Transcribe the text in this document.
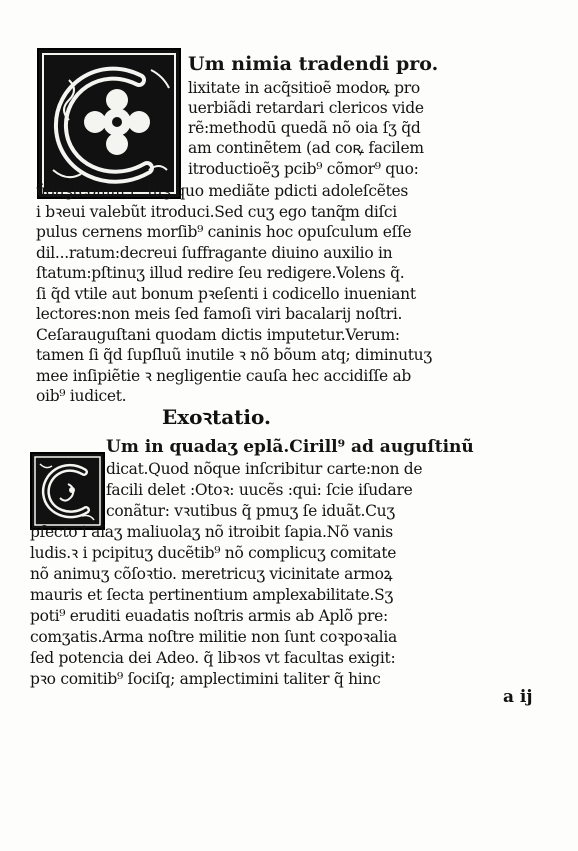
Um nimia tradendi pro.
lixitate in acq̃sitioẽ modoꝶ pro
uerbiãdi retardari clericos vide
rẽ:methodū quedã nõ oia ſʒ q̃d
am continẽtem (ad coꝶ facilem
itroductioẽʒ pcib⁹ cõmor⁹ quo:
ũdaʒ(comm:r⁹ ſuʒ quo mediãte pdicti adoleſcẽtes
i bꝛeui valebũt itroduci.Sed cuʒ ego tanq̃m diſci
pulus cernens morſib⁹ caninis hoc opuſculum eſſe
dil...ratum:decreui ſuffragante diuino auxilio in
ſtatum:pſtinuʒ illud redire ſeu redigere.Volens q̃.
ſi q̃d vtile aut bonum pꝛeſenti i codicello inueniant
lectores:non meis ſed famoſi viri bacalarij noſtri.
Ceſarauguſtani quodam dictis imputetur.Verum:
tamen ſi q̃d ſupſluũ inutile ꝛ nõ bõum atq; diminutuʒ
mee inſipiẽtie ꝛ negligentie cauſa hec accidiſſe ab
oib⁹ iudicet.
Exoꝛtatio.
Um in quadaʒ eplã.Cirill⁹ ad auguſtinũ
dicat.Quod nõque inſcribitur carte:non de
facili delet :Otoꝛ: uucẽs :qui: ſcie iſudare
conãtur: vꝛutibus q̃ pmuʒ ſe iduãt.Cuʒ
pſecto i aĩaʒ maliuolaʒ nõ itroibit ſapia.Nõ vanis
ludis.ꝛ i pcipituʒ ducẽtib⁹ nõ complicuʒ comitate
nõ animuʒ cõſoꝛtio. meretricuʒ vicinitate armoꝝ
mauris et ſecta pertinentium amplexabilitate.Sʒ
poti⁹ eruditi euadatis noſtris armis ab Aplõ pre:
comʒatis.Arma noſtre militie non ſunt coꝛpoꝛalia
ſed potencia dei Adeo. q̃ libꝛos vt facultas exigit:
pꝛo comitib⁹ ſociſq; amplectimini taliter q̃ hinc
a ij
